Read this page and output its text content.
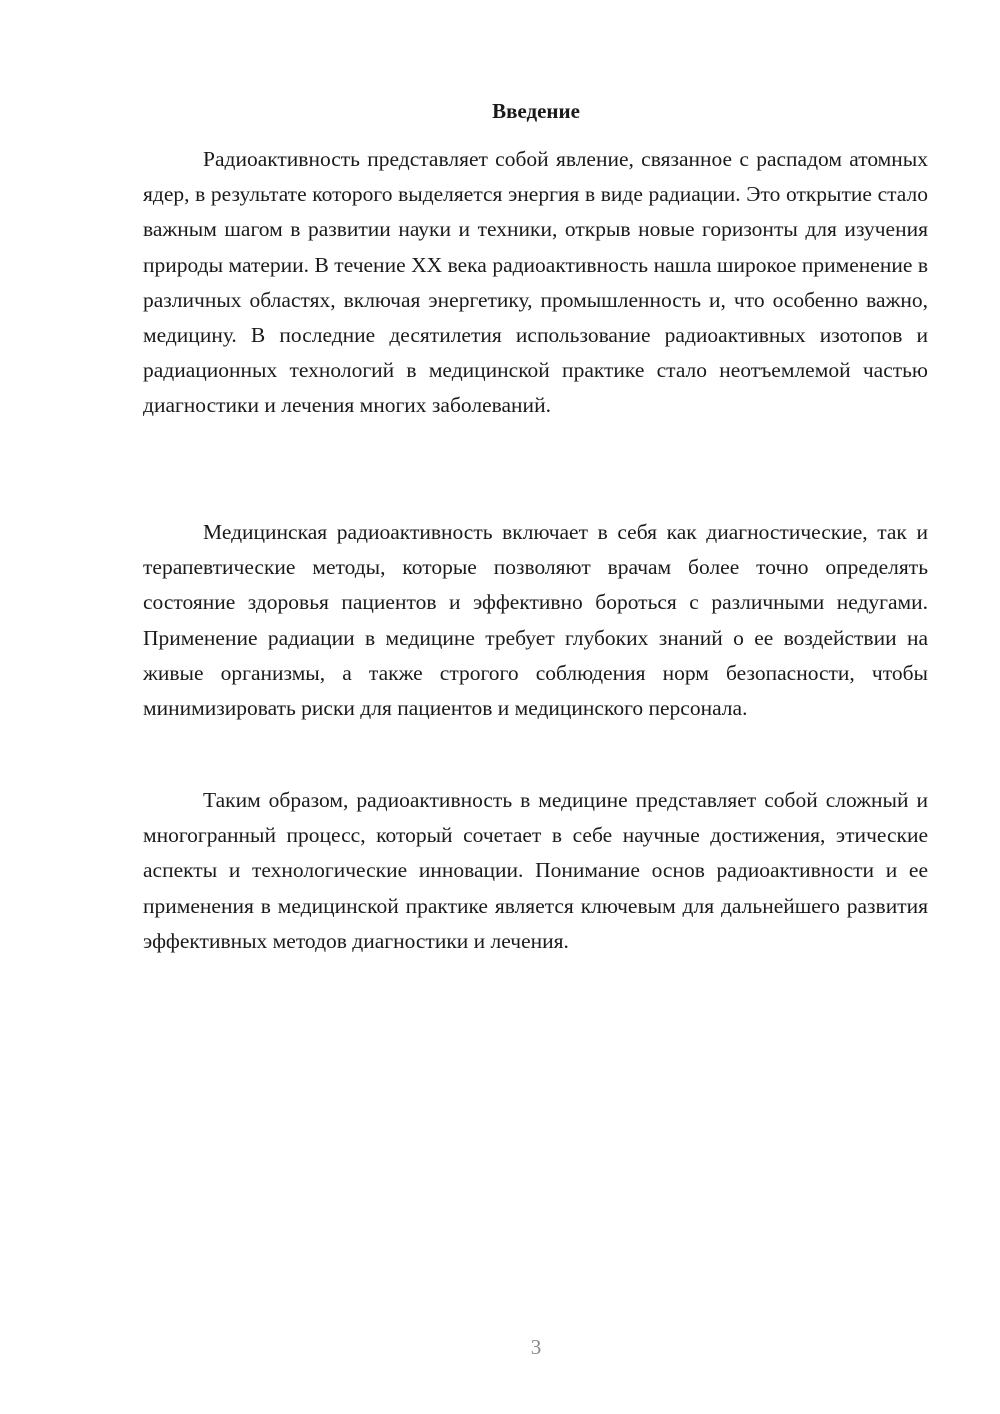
Введение

Радиоактивность представляет собой явление, связанное с распадом атомных ядер, в результате которого выделяется энергия в виде радиации. Это открытие стало важным шагом в развитии науки и техники, открыв новые горизонты для изучения природы материи. В течение XX века радиоактивность нашла широкое применение в различных областях, включая энергетику, промышленность и, что особенно важно, медицину. В последние десятилетия использование радиоактивных изотопов и радиационных технологий в медицинской практике стало неотъемлемой частью диагностики и лечения многих заболеваний.

Медицинская радиоактивность включает в себя как диагностические, так и терапевтические методы, которые позволяют врачам более точно определять состояние здоровья пациентов и эффективно бороться с различными недугами. Применение радиации в медицине требует глубоких знаний о ее воздействии на живые организмы, а также строгого соблюдения норм безопасности, чтобы минимизировать риски для пациентов и медицинского персонала.

Таким образом, радиоактивность в медицине представляет собой сложный и многогранный процесс, который сочетает в себе научные достижения, этические аспекты и технологические инновации. Понимание основ радиоактивности и ее применения в медицинской практике является ключевым для дальнейшего развития эффективных методов диагностики и лечения.

3
